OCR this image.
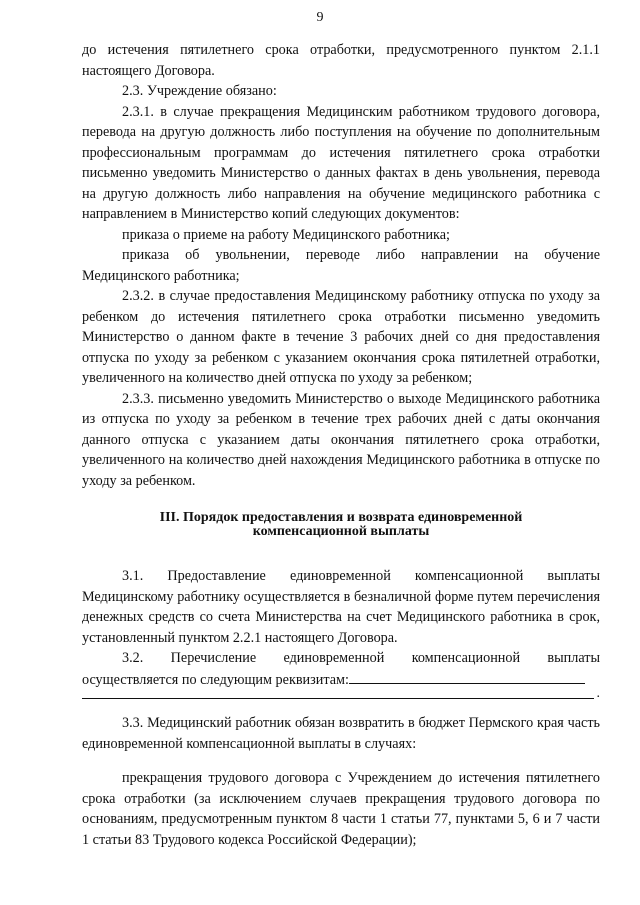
9

до истечения пятилетнего срока отработки, предусмотренного пунктом 2.1.1 настоящего Договора.

2.3. Учреждение обязано:

2.3.1. в случае прекращения Медицинским работником трудового договора, перевода на другую должность либо поступления на обучение по дополнительным профессиональным программам до истечения пятилетнего срока отработки письменно уведомить Министерство о данных фактах в день увольнения, перевода на другую должность либо направления на обучение медицинского работника с направлением в Министерство копий следующих документов:

приказа о приеме на работу Медицинского работника;

приказа об увольнении, переводе либо направлении на обучение Медицинского работника;

2.3.2. в случае предоставления Медицинскому работнику отпуска по уходу за ребенком до истечения пятилетнего срока отработки письменно уведомить Министерство о данном факте в течение 3 рабочих дней со дня предоставления отпуска по уходу за ребенком с указанием окончания срока пятилетней отработки, увеличенного на количество дней отпуска по уходу за ребенком;

2.3.3. письменно уведомить Министерство о выходе Медицинского работника из отпуска по уходу за ребенком в течение трех рабочих дней с даты окончания данного отпуска с указанием даты окончания пятилетнего срока отработки, увеличенного на количество дней нахождения Медицинского работника в отпуске по уходу за ребенком.

III. Порядок предоставления и возврата единовременной
компенсационной выплаты

3.1. Предоставление единовременной компенсационной выплаты Медицинскому работнику осуществляется в безналичной форме путем перечисления денежных средств со счета Министерства на счет Медицинского работника в срок, установленный пунктом 2.2.1 настоящего Договора.

3.2. Перечисление единовременной компенсационной выплаты осуществляется по следующим реквизитам:

.

3.3. Медицинский работник обязан возвратить в бюджет Пермского края часть единовременной компенсационной выплаты в случаях:

прекращения трудового договора с Учреждением до истечения пятилетнего срока отработки (за исключением случаев прекращения трудового договора по основаниям, предусмотренным пунктом 8 части 1 статьи 77, пунктами 5, 6 и 7 части 1 статьи 83 Трудового кодекса Российской Федерации);
